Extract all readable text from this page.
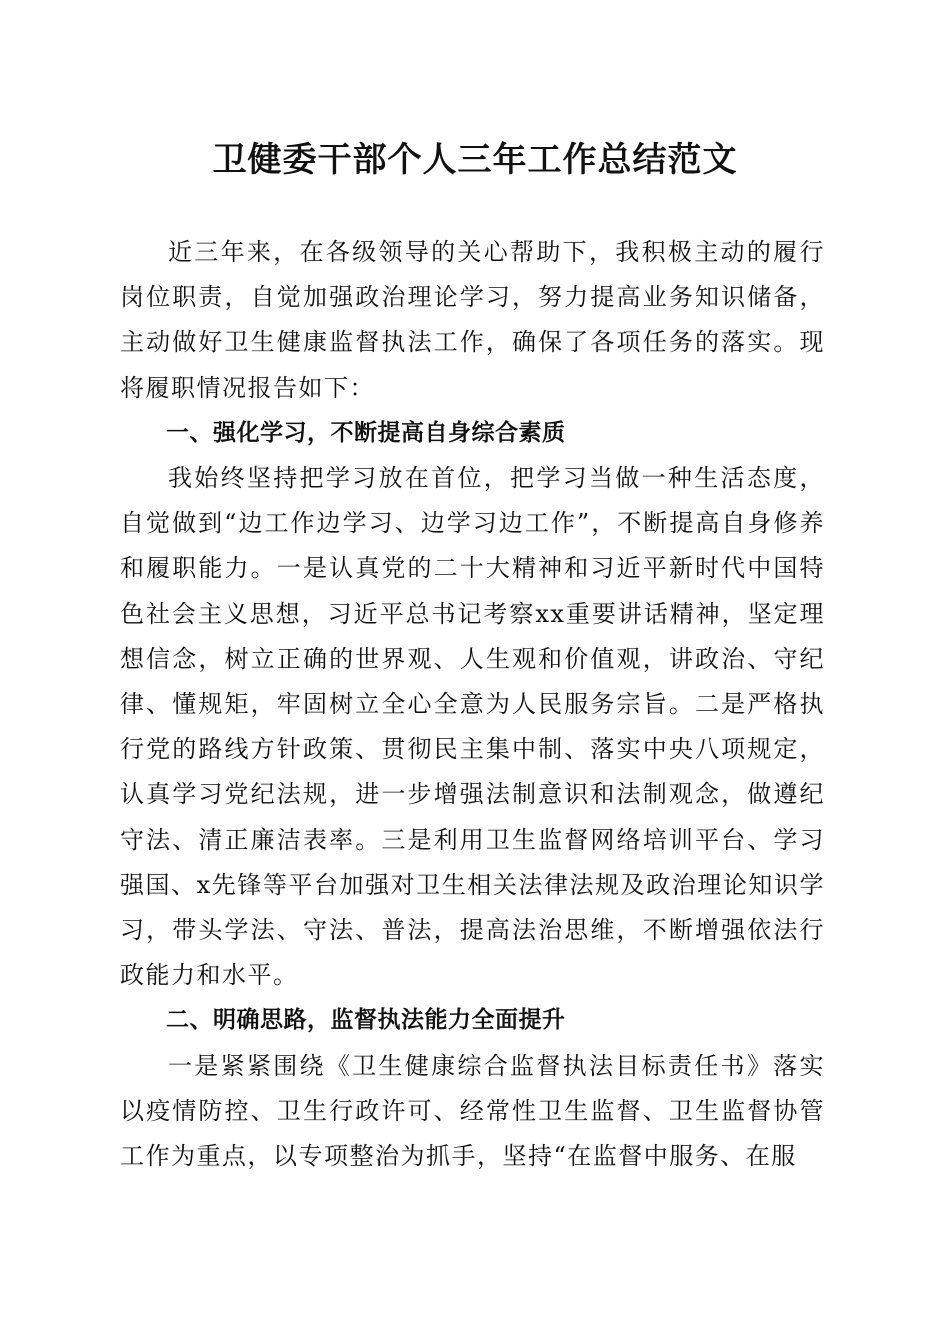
卫健委干部个人三年工作总结范文

近三年来，在各级领导的关心帮助下，我积极主动的履行岗位职责，自觉加强政治理论学习，努力提高业务知识储备，主动做好卫生健康监督执法工作，确保了各项任务的落实。现将履职情况报告如下：

一、强化学习，不断提高自身综合素质

我始终坚持把学习放在首位，把学习当做一种生活态度，自觉做到“边工作边学习、边学习边工作”，不断提高自身修养和履职能力。一是认真党的二十大精神和习近平新时代中国特色社会主义思想，习近平总书记考察xx重要讲话精神，坚定理想信念，树立正确的世界观、人生观和价值观，讲政治、守纪律、懂规矩，牢固树立全心全意为人民服务宗旨。二是严格执行党的路线方针政策、贯彻民主集中制、落实中央八项规定，认真学习党纪法规，进一步增强法制意识和法制观念，做遵纪守法、清正廉洁表率。三是利用卫生监督网络培训平台、学习强国、x先锋等平台加强对卫生相关法律法规及政治理论知识学习，带头学法、守法、普法，提高法治思维，不断增强依法行政能力和水平。

二、明确思路，监督执法能力全面提升

一是紧紧围绕《卫生健康综合监督执法目标责任书》落实以疫情防控、卫生行政许可、经常性卫生监督、卫生监督协管工作为重点，以专项整治为抓手，坚持“在监督中服务、在服
